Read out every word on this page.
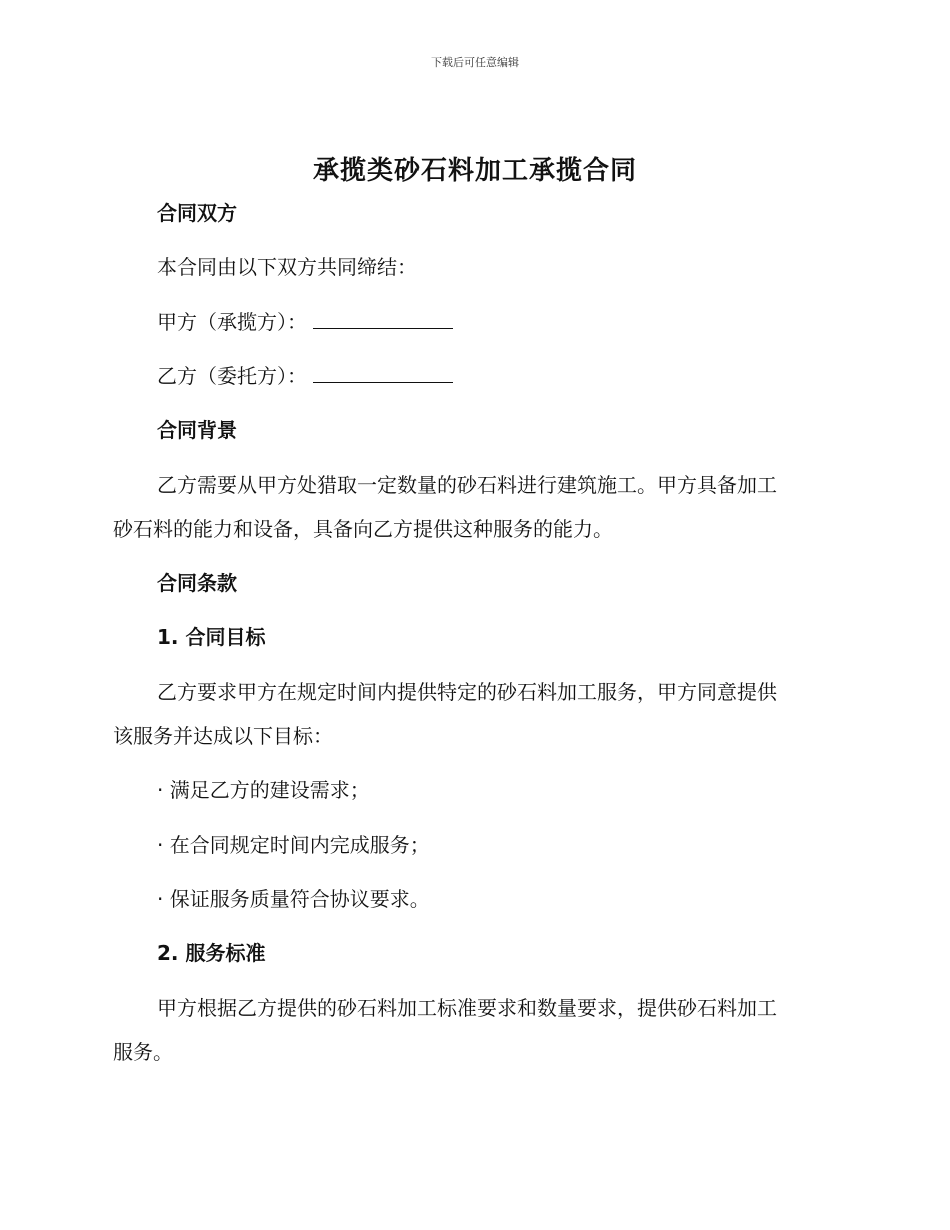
下载后可任意编辑
承揽类砂石料加工承揽合同
合同双方
本合同由以下双方共同缔结：
甲方（承揽方）：
乙方（委托方）：
合同背景
乙方需要从甲方处猎取一定数量的砂石料进行建筑施工。甲方具备加工
砂石料的能力和设备，具备向乙方提供这种服务的能力。
合同条款
1. 合同目标
乙方要求甲方在规定时间内提供特定的砂石料加工服务，甲方同意提供
该服务并达成以下目标：
· 满足乙方的建设需求；
· 在合同规定时间内完成服务；
· 保证服务质量符合协议要求。
2. 服务标准
甲方根据乙方提供的砂石料加工标准要求和数量要求，提供砂石料加工
服务。
